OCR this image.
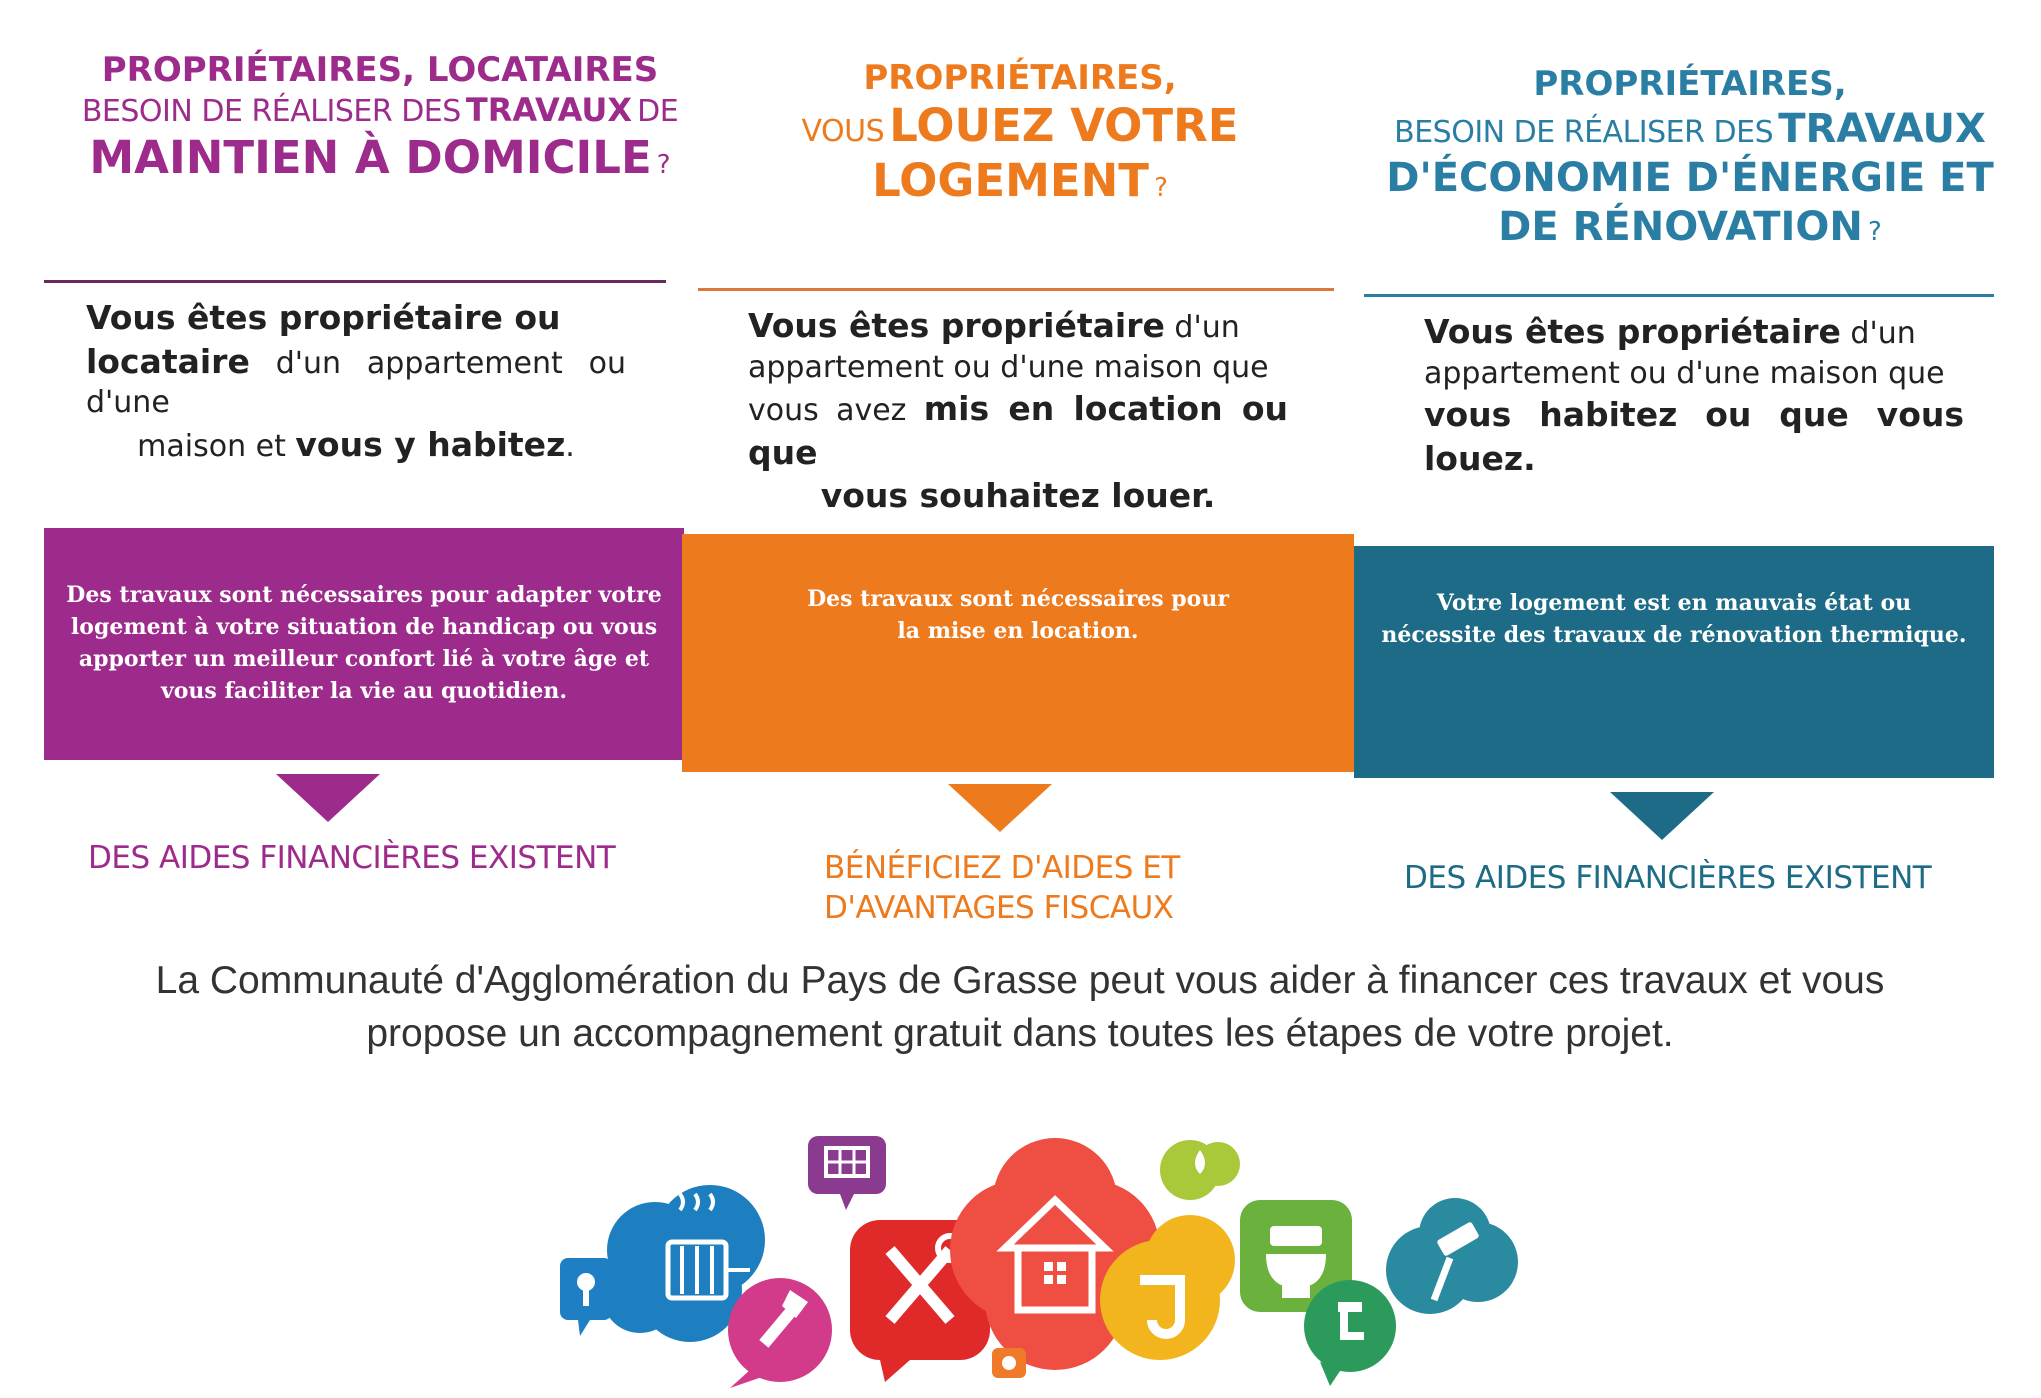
PROPRIÉTAIRES, LOCATAIRES
BESOIN DE RÉALISER DES TRAVAUX DE
MAINTIEN À DOMICILE ?
PROPRIÉTAIRES,
VOUS LOUEZ VOTRE
LOGEMENT ?
PROPRIÉTAIRES,
BESOIN DE RÉALISER DES TRAVAUX
D'ÉCONOMIE D'ÉNERGIE ET
DE RÉNOVATION ?
Vous êtes propriétaire ou
locataire d'un appartement ou d'une
maison et vous y habitez.
Vous êtes propriétaire d'un
appartement ou d'une maison que
vous avez mis en location ou que
vous souhaitez louer.
Vous êtes propriétaire d'un
appartement ou d'une maison que
vous habitez ou que vous louez.
Des travaux sont nécessaires pour adapter votre
logement à votre situation de handicap ou vous
apporter un meilleur confort lié à votre âge et
vous faciliter la vie au quotidien.
Des travaux sont nécessaires pour
la mise en location.
Votre logement est en mauvais état ou
nécessite des travaux de rénovation thermique.
DES AIDES FINANCIÈRES EXISTENT	BÉNÉFICIEZ D'AIDES ET
D'AVANTAGES FISCAUX
DES AIDES FINANCIÈRES EXISTENT
La Communauté d'Agglomération du Pays de Grasse peut vous aider à financer ces travaux et vous
propose un accompagnement gratuit dans toutes les étapes de votre projet.
